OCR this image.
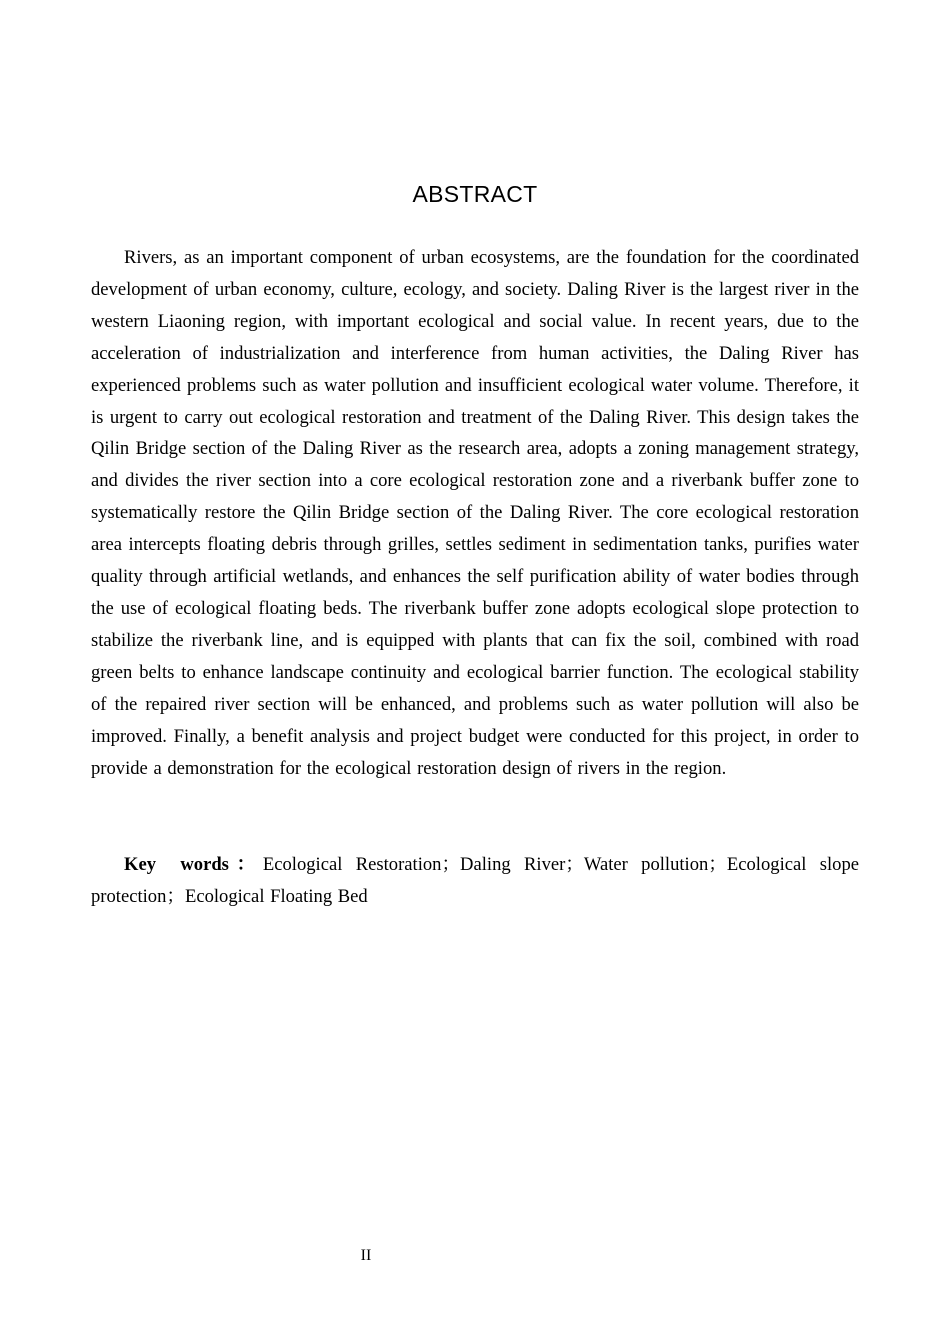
ABSTRACT

Rivers, as an important component of urban ecosystems, are the foundation for the coordinated development of urban economy, culture, ecology, and society. Daling River is the largest river in the western Liaoning region, with important ecological and social value. In recent years, due to the acceleration of industrialization and interference from human activities, the Daling River has experienced problems such as water pollution and insufficient ecological water volume. Therefore, it is urgent to carry out ecological restoration and treatment of the Daling River. This design takes the Qilin Bridge section of the Daling River as the research area, adopts a zoning management strategy, and divides the river section into a core ecological restoration zone and a riverbank buffer zone to systematically restore the Qilin Bridge section of the Daling River. The core ecological restoration area intercepts floating debris through grilles, settles sediment in sedimentation tanks, purifies water quality through artificial wetlands, and enhances the self purification ability of water bodies through the use of ecological floating beds. The riverbank buffer zone adopts ecological slope protection to stabilize the riverbank line, and is equipped with plants that can fix the soil, combined with road green belts to enhance landscape continuity and ecological barrier function. The ecological stability of the repaired river section will be enhanced, and problems such as water pollution will also be improved. Finally, a benefit analysis and project budget were conducted for this project, in order to provide a demonstration for the ecological restoration design of rivers in the region.

Key words：Ecological Restoration；Daling River；Water pollution；Ecological slope protection；Ecological Floating Bed

II
